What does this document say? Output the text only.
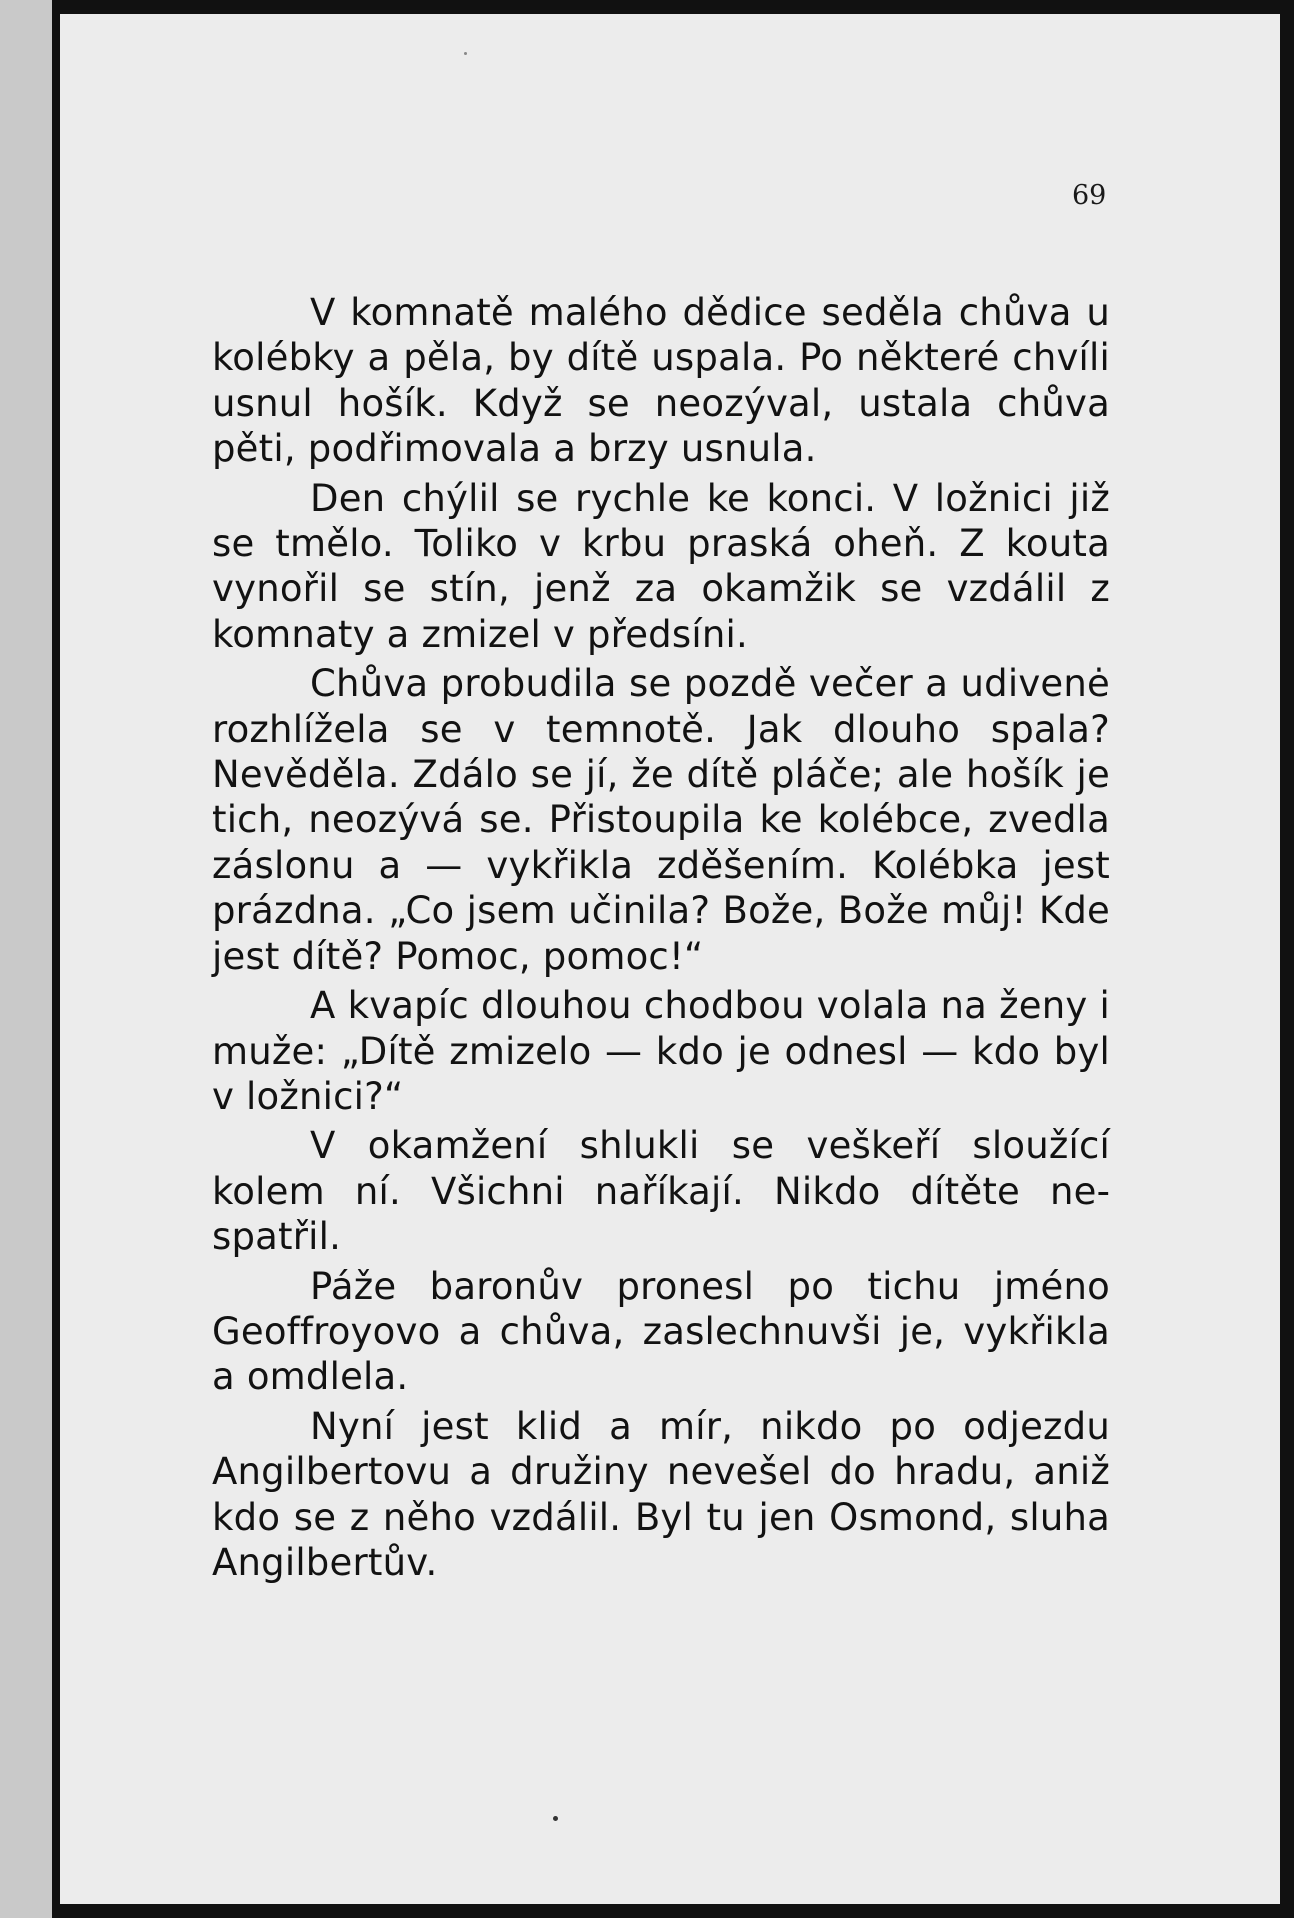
69

V komnatě malého dědice seděla chůva u kolébky a pěla, by dítě uspala. Po některé chvíli usnul hošík. Když se neozýval, ustala chůva pěti, podřimovala a brzy usnula.

Den chýlil se rychle ke konci. V ložnici již se tmělo. Toliko v krbu praská oheň. Z kouta vynořil se stín, jenž za okamžik se vzdálil z komnaty a zmizel v předsíni.

Chůva probudila se pozdě večer a udivenė rozhlížela se v temnotě. Jak dlouho spala? Nevěděla. Zdálo se jí, že dítě pláče; ale hošík je tich, neozývá se. Přistoupila ke kolébce, zvedla záslonu a — vykřikla zděšením. Kolébka jest prázdna. „Co jsem učinila? Bože, Bože můj! Kde jest dítě? Pomoc, pomoc!“

A kvapíc dlouhou chodbou volala na ženy i muže: „Dítě zmizelo — kdo je odnesl — kdo byl v ložnici?“

V okamžení shlukli se veškeří sloužící kolem ní. Všichni naříkají. Nikdo dítěte nespatřil.

Páže baronův pronesl po tichu jméno Geoffroyovo a chůva, zaslechnuvši je, vykřikla a omdlela.

Nyní jest klid a mír, nikdo po odjezdu Angilbertovu a družiny nevešel do hradu, aniž kdo se z něho vzdálil. Byl tu jen Osmond, sluha Angilbertův.
